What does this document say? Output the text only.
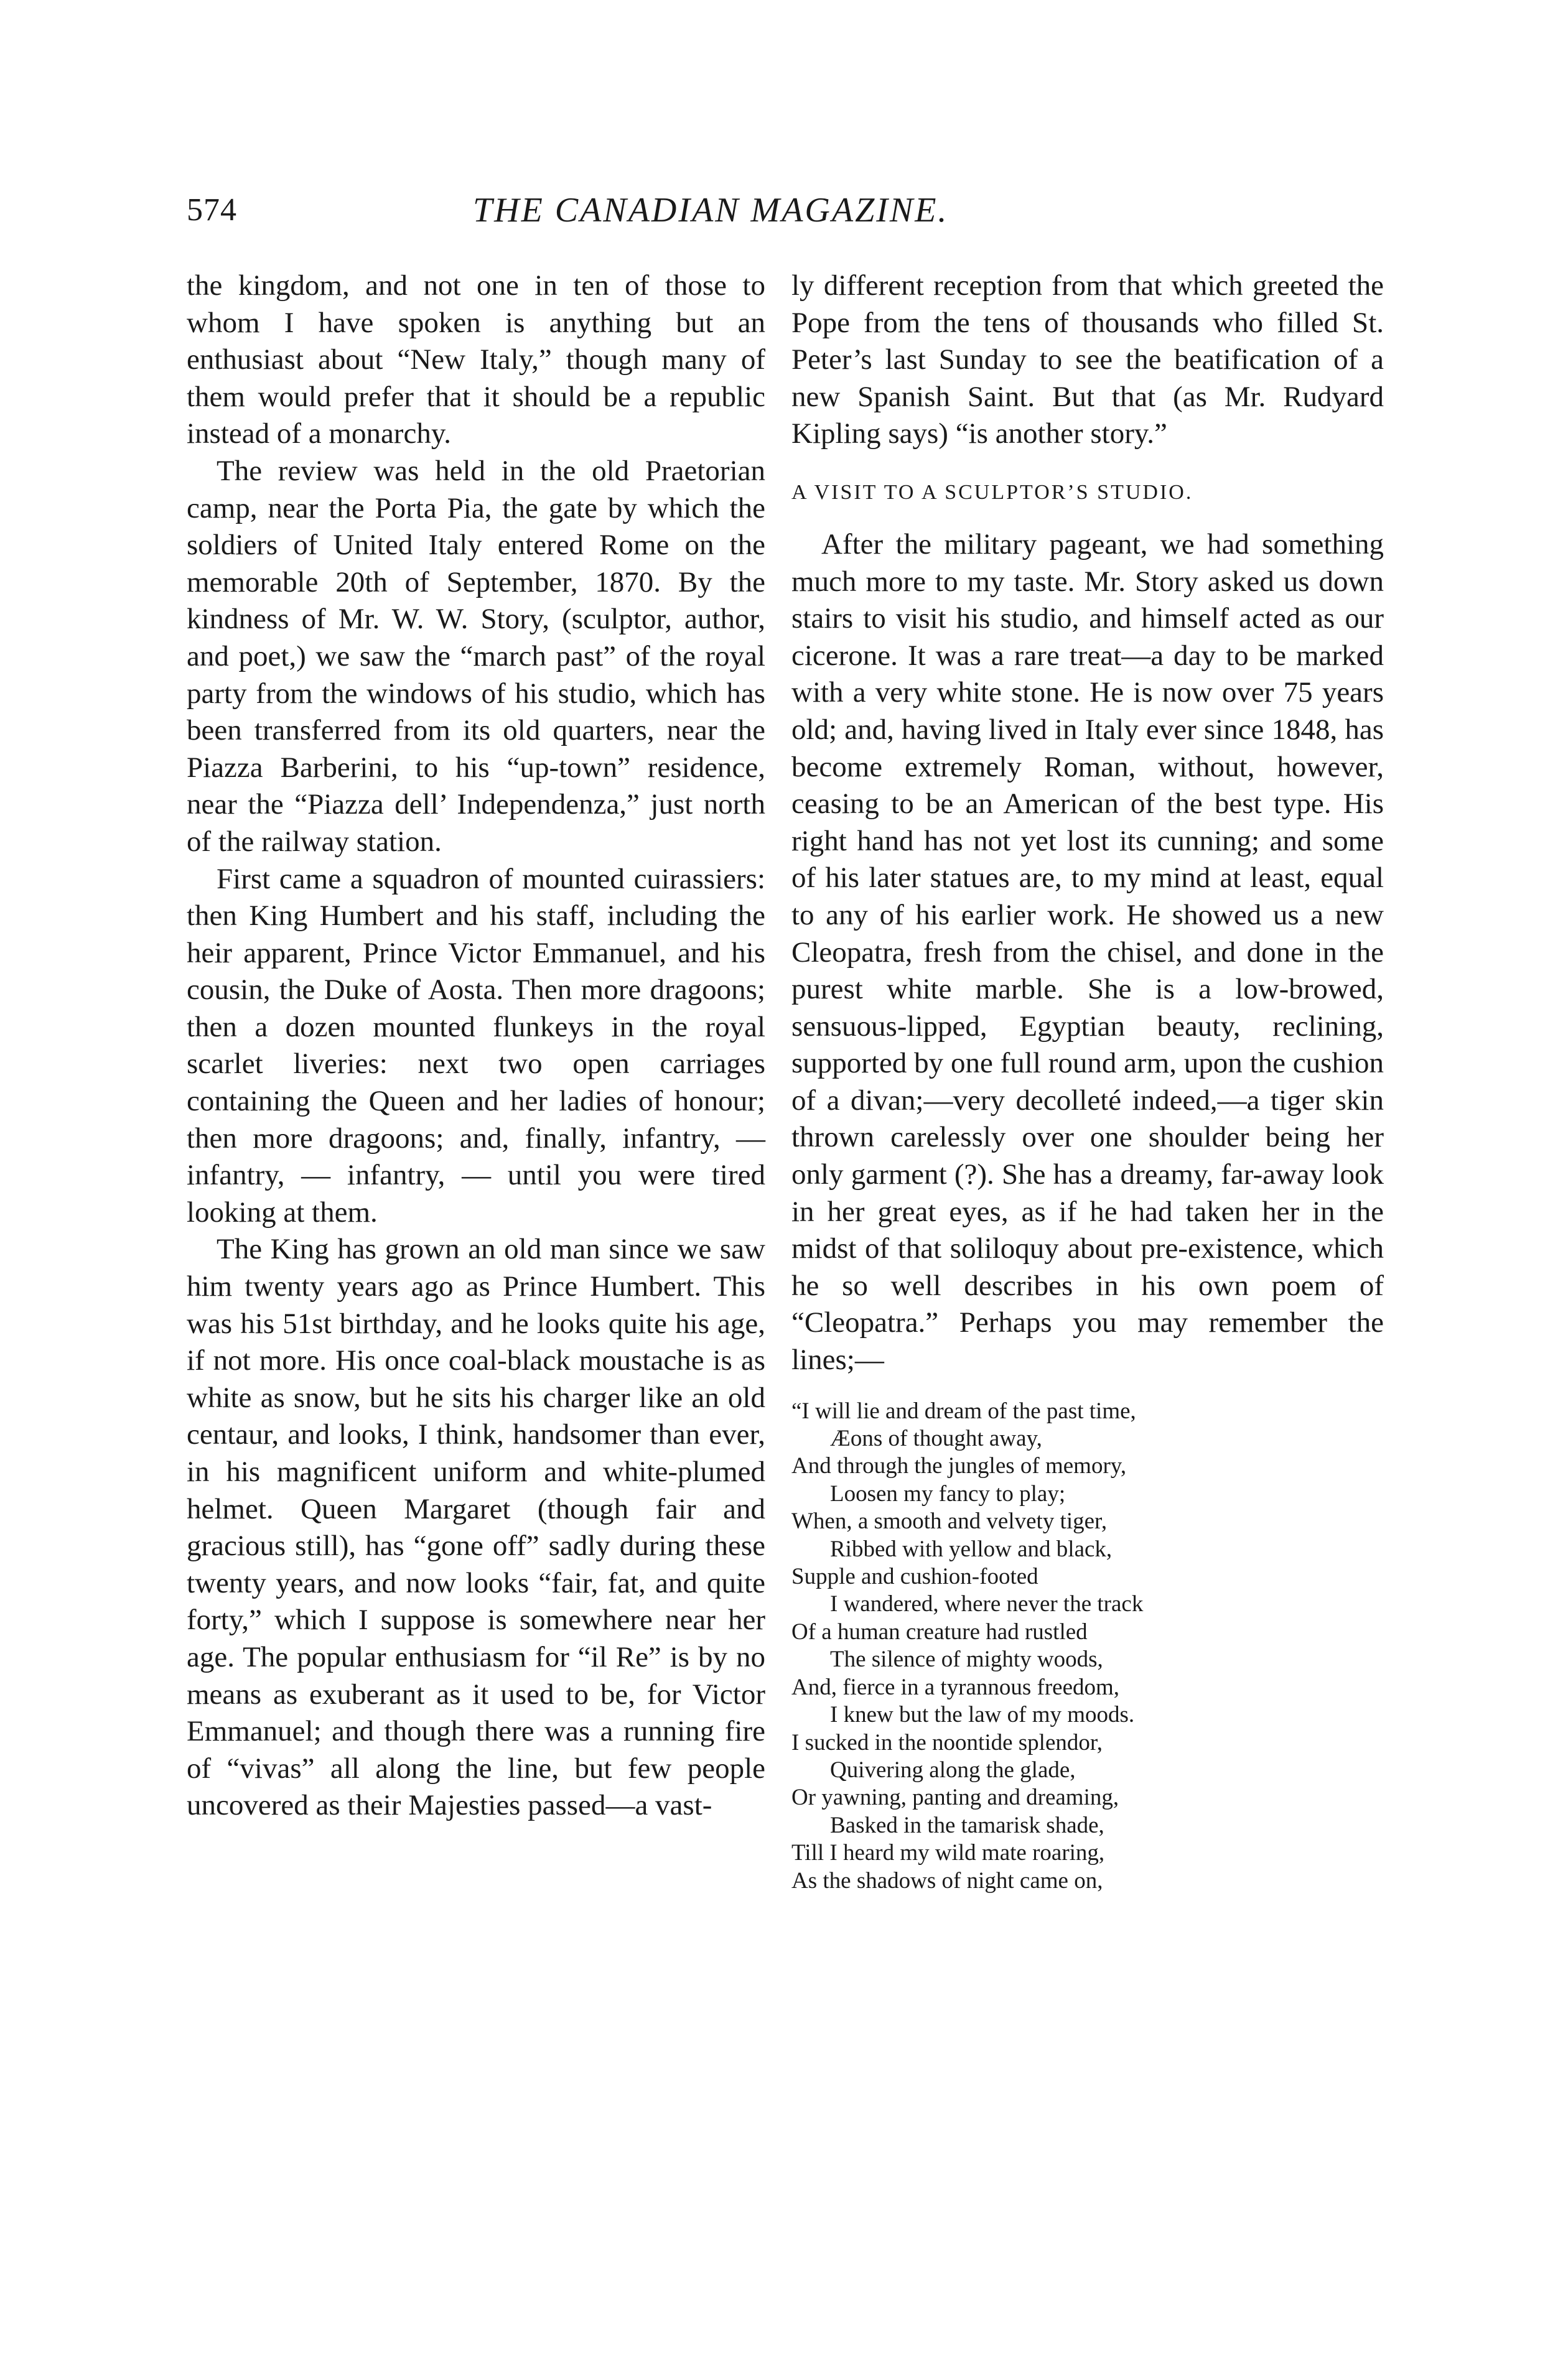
574	THE CANADIAN MAGAZINE.

the kingdom, and not one in ten of those to whom I have spoken is anything but an enthusiast about “New Italy,” though many of them would prefer that it should be a republic instead of a monarchy.

The review was held in the old Praetorian camp, near the Porta Pia, the gate by which the soldiers of United Italy entered Rome on the memorable 20th of September, 1870. By the kindness of Mr. W. W. Story, (sculptor, author, and poet,) we saw the “march past” of the royal party from the windows of his studio, which has been transferred from its old quarters, near the Piazza Barberini, to his “up-town” residence, near the “Piazza dell’ Independenza,” just north of the railway station.

First came a squadron of mounted cuirassiers: then King Humbert and his staff, including the heir apparent, Prince Victor Emmanuel, and his cousin, the Duke of Aosta. Then more dragoons; then a dozen mounted flunkeys in the royal scarlet liveries: next two open carriages containing the Queen and her ladies of honour; then more dragoons; and, finally, infantry, — infantry, — infantry, — until you were tired looking at them.

The King has grown an old man since we saw him twenty years ago as Prince Humbert. This was his 51st birthday, and he looks quite his age, if not more. His once coal-black moustache is as white as snow, but he sits his charger like an old centaur, and looks, I think, handsomer than ever, in his magnificent uniform and white-plumed helmet. Queen Margaret (though fair and gracious still), has “gone off” sadly during these twenty years, and now looks “fair, fat, and quite forty,” which I suppose is somewhere near her age. The popular enthusiasm for “il Re” is by no means as exuberant as it used to be, for Victor Emmanuel; and though there was a running fire of “vivas” all along the line, but few people uncovered as their Majesties passed—a vast-

ly different reception from that which greeted the Pope from the tens of thousands who filled St. Peter’s last Sunday to see the beatification of a new Spanish Saint. But that (as Mr. Rudyard Kipling says) “is another story.”

A VISIT TO A SCULPTOR’S STUDIO.

After the military pageant, we had something much more to my taste. Mr. Story asked us down stairs to visit his studio, and himself acted as our cicerone. It was a rare treat—a day to be marked with a very white stone. He is now over 75 years old; and, having lived in Italy ever since 1848, has become extremely Roman, without, however, ceasing to be an American of the best type. His right hand has not yet lost its cunning; and some of his later statues are, to my mind at least, equal to any of his earlier work. He showed us a new Cleopatra, fresh from the chisel, and done in the purest white marble. She is a low-browed, sensuous-lipped, Egyptian beauty, reclining, supported by one full round arm, upon the cushion of a divan;—very decolleté indeed,—a tiger skin thrown carelessly over one shoulder being her only garment (?). She has a dreamy, far-away look in her great eyes, as if he had taken her in the midst of that soliloquy about pre-existence, which he so well describes in his own poem of “Cleopatra.” Perhaps you may remember the lines;—

“I will lie and dream of the past time,
Æons of thought away,
And through the jungles of memory,
Loosen my fancy to play;
When, a smooth and velvety tiger,
Ribbed with yellow and black,
Supple and cushion-footed
I wandered, where never the track
Of a human creature had rustled
The silence of mighty woods,
And, fierce in a tyrannous freedom,
I knew but the law of my moods.
I sucked in the noontide splendor,
Quivering along the glade,
Or yawning, panting and dreaming,
Basked in the tamarisk shade,
Till I heard my wild mate roaring,
As the shadows of night came on,
